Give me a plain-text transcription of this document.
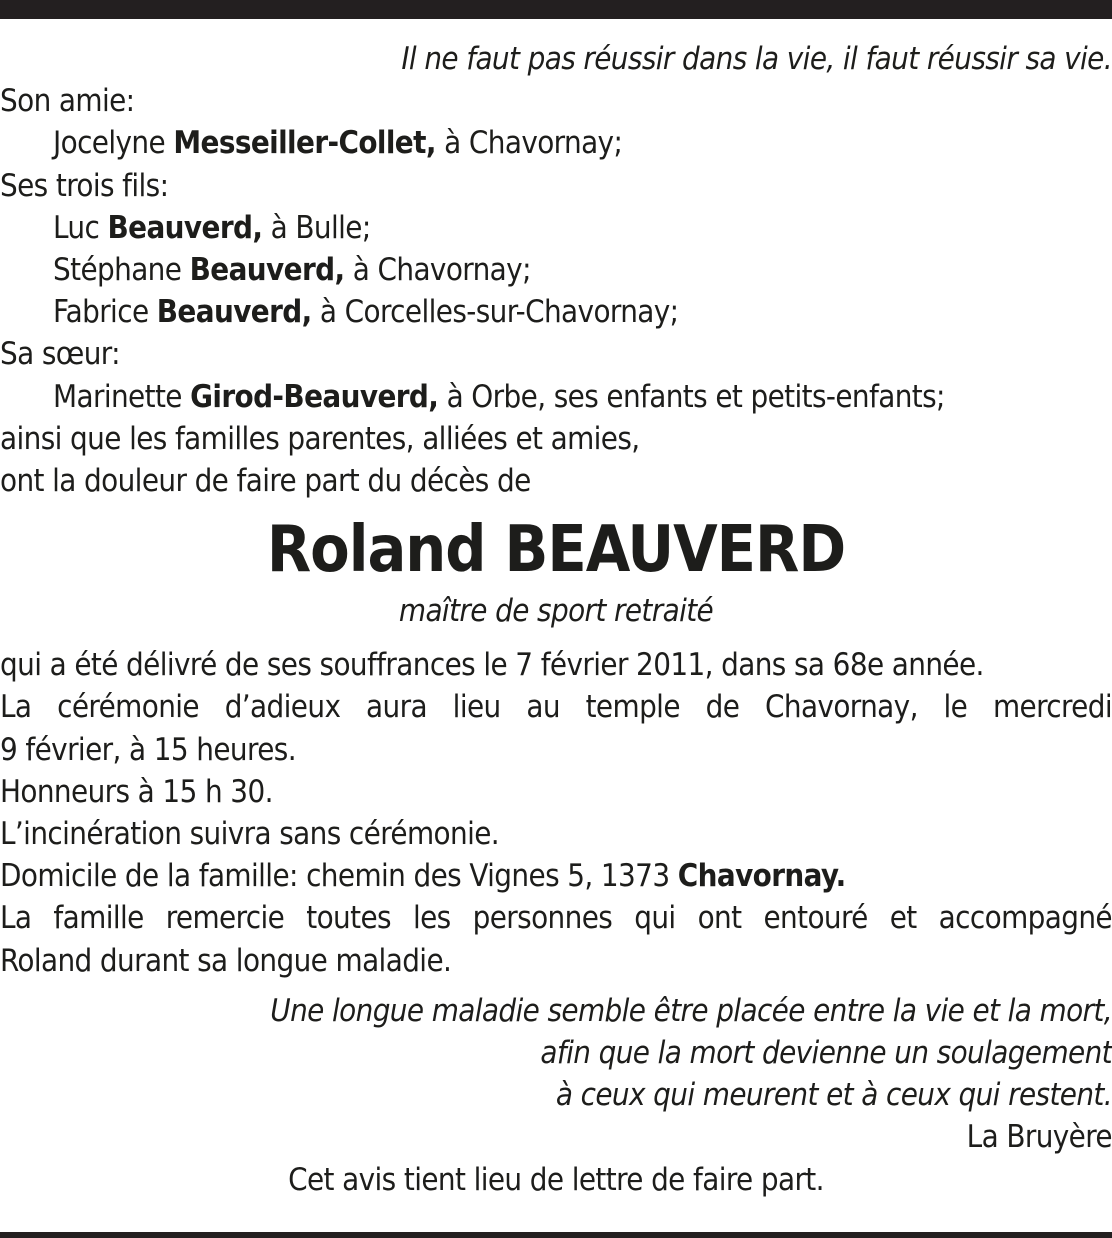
Il ne faut pas réussir dans la vie, il faut réussir sa vie.
Son amie:
Jocelyne Messeiller-Collet, à Chavornay;
Ses trois fils:
Luc Beauverd, à Bulle;
Stéphane Beauverd, à Chavornay;
Fabrice Beauverd, à Corcelles-sur-Chavornay;
Sa sœur:
Marinette Girod-Beauverd, à Orbe, ses enfants et petits-enfants;
ainsi que les familles parentes, alliées et amies,
ont la douleur de faire part du décès de
Roland BEAUVERD
maître de sport retraité
qui a été délivré de ses souffrances le 7 février 2011, dans sa 68e année.
La cérémonie d’adieux aura lieu au temple de Chavornay, le mercredi
9 février, à 15 heures.
Honneurs à 15 h 30.
L’incinération suivra sans cérémonie.
Domicile de la famille: chemin des Vignes 5, 1373 Chavornay.
La famille remercie toutes les personnes qui ont entouré et accompagné
Roland durant sa longue maladie.
Une longue maladie semble être placée entre la vie et la mort,
afin que la mort devienne un soulagement
à ceux qui meurent et à ceux qui restent.
La Bruyère
Cet avis tient lieu de lettre de faire part.
